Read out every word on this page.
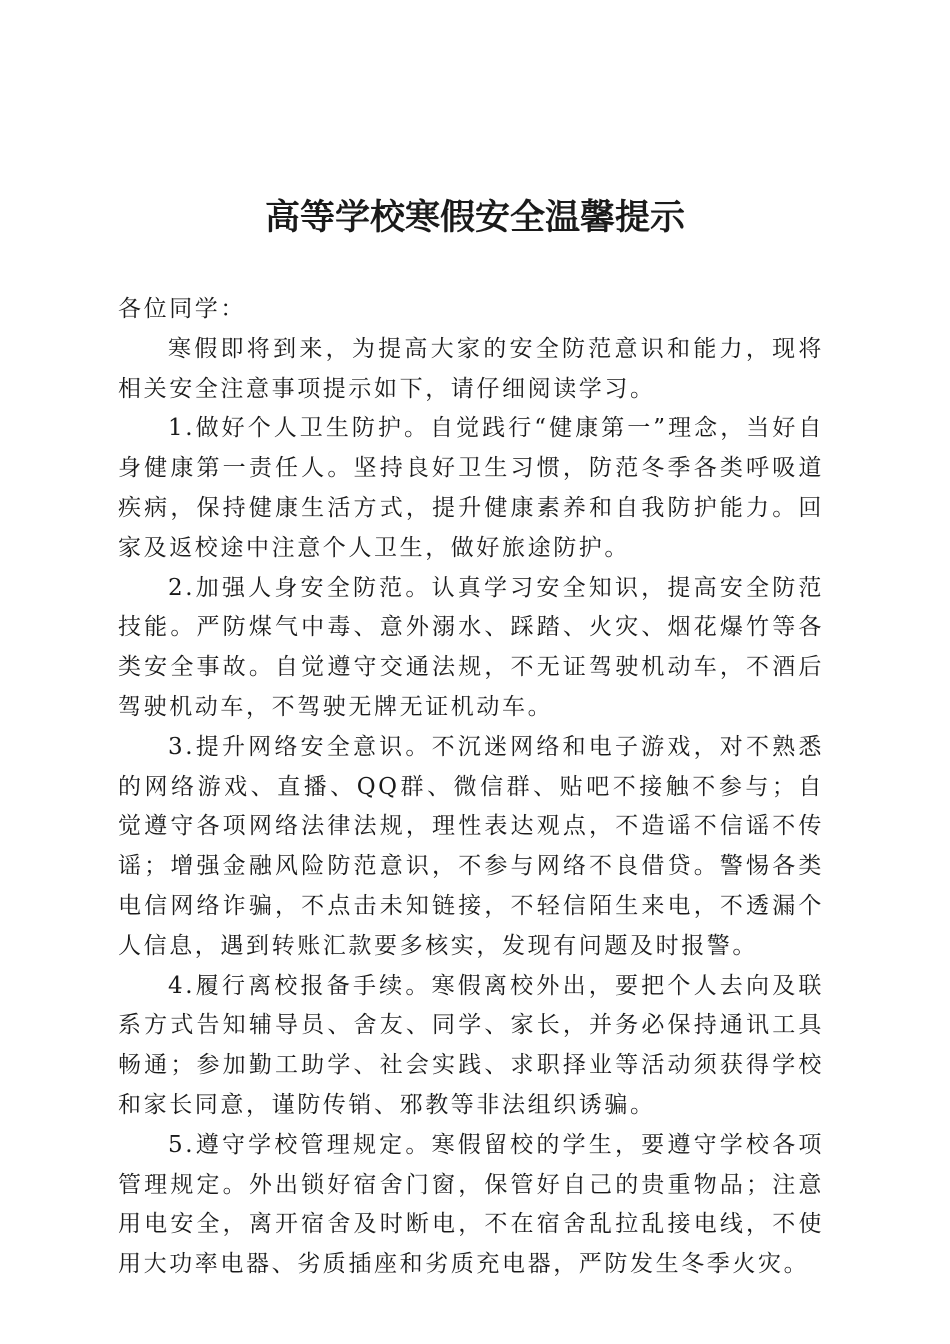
高等学校寒假安全温馨提示

各位同学：

寒假即将到来，为提高大家的安全防范意识和能力，现将相关安全注意事项提示如下，请仔细阅读学习。

1.做好个人卫生防护。自觉践行“健康第一”理念，当好自身健康第一责任人。坚持良好卫生习惯，防范冬季各类呼吸道疾病，保持健康生活方式，提升健康素养和自我防护能力。回家及返校途中注意个人卫生，做好旅途防护。

2.加强人身安全防范。认真学习安全知识，提高安全防范技能。严防煤气中毒、意外溺水、踩踏、火灾、烟花爆竹等各类安全事故。自觉遵守交通法规，不无证驾驶机动车，不酒后驾驶机动车，不驾驶无牌无证机动车。

3.提升网络安全意识。不沉迷网络和电子游戏，对不熟悉的网络游戏、直播、QQ群、微信群、贴吧不接触不参与；自觉遵守各项网络法律法规，理性表达观点，不造谣不信谣不传谣；增强金融风险防范意识，不参与网络不良借贷。警惕各类电信网络诈骗，不点击未知链接，不轻信陌生来电，不透漏个人信息，遇到转账汇款要多核实，发现有问题及时报警。

4.履行离校报备手续。寒假离校外出，要把个人去向及联系方式告知辅导员、舍友、同学、家长，并务必保持通讯工具畅通；参加勤工助学、社会实践、求职择业等活动须获得学校和家长同意，谨防传销、邪教等非法组织诱骗。

5.遵守学校管理规定。寒假留校的学生，要遵守学校各项管理规定。外出锁好宿舍门窗，保管好自己的贵重物品；注意用电安全，离开宿舍及时断电，不在宿舍乱拉乱接电线，不使用大功率电器、劣质插座和劣质充电器，严防发生冬季火灾。
